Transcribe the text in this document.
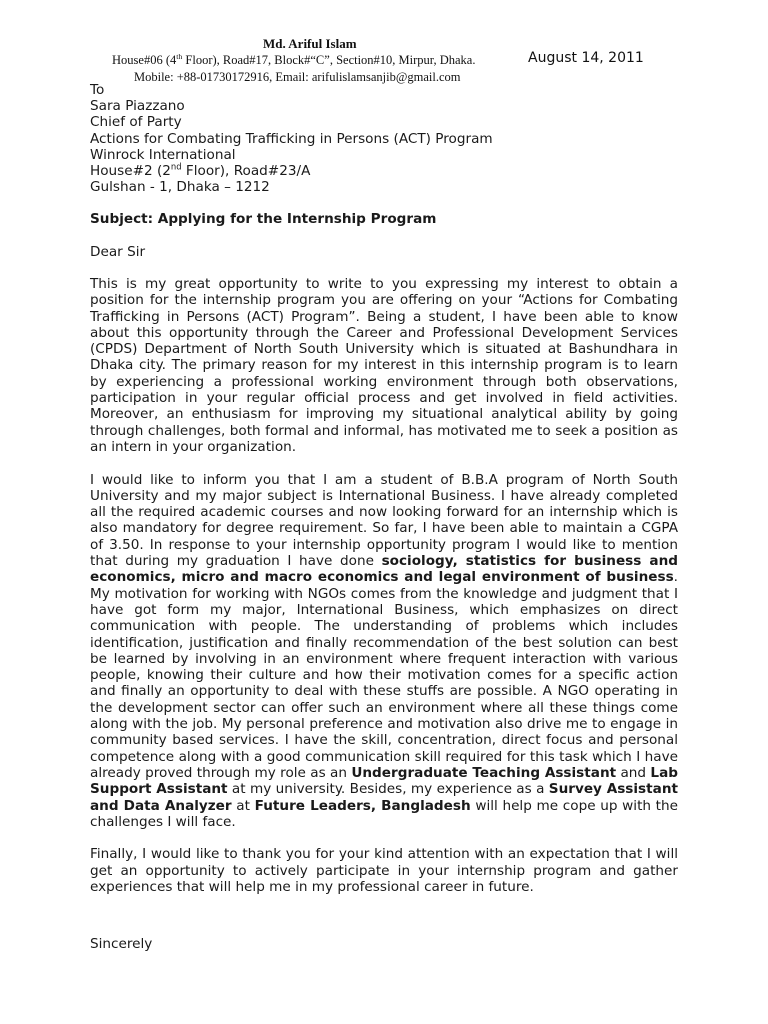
Md. Ariful Islam
House#06 (4th Floor), Road#17, Block#“C”, Section#10, Mirpur, Dhaka.	August 14, 2011
Mobile: +88-01730172916, Email: arifulislamsanjib@gmail.com
To
Sara Piazzano
Chief of Party
Actions for Combating Trafficking in Persons (ACT) Program
Winrock International
House#2 (2nd Floor), Road#23/A
Gulshan - 1, Dhaka – 1212
Subject: Applying for the Internship Program
Dear Sir

This is my great opportunity to write to you expressing my interest to obtain a position for the internship program you are offering on your “Actions for Combating Trafficking in Persons (ACT) Program”. Being a student, I have been able to know about this opportunity through the Career and Professional Development Services (CPDS) Department of North South University which is situated at Bashundhara in Dhaka city. The primary reason for my interest in this internship program is to learn by experiencing a professional working environment through both observations, participation in your regular official process and get involved in field activities. Moreover, an enthusiasm for improving my situational analytical ability by going through challenges, both formal and informal, has motivated me to seek a position as an intern in your organization.

I would like to inform you that I am a student of B.B.A program of North South University and my major subject is International Business. I have already completed all the required academic courses and now looking forward for an internship which is also mandatory for degree requirement. So far, I have been able to maintain a CGPA of 3.50. In response to your internship opportunity program I would like to mention that during my graduation I have done sociology, statistics for business and economics, micro and macro economics and legal environment of business. My motivation for working with NGOs comes from the knowledge and judgment that I have got form my major, International Business, which emphasizes on direct communication with people. The understanding of problems which includes identification, justification and finally recommendation of the best solution can best be learned by involving in an environment where frequent interaction with various people, knowing their culture and how their motivation comes for a specific action and finally an opportunity to deal with these stuffs are possible. A NGO operating in the development sector can offer such an environment where all these things come along with the job. My personal preference and motivation also drive me to engage in community based services. I have the skill, concentration, direct focus and personal competence along with a good communication skill required for this task which I have already proved through my role as an Undergraduate Teaching Assistant and Lab Support Assistant at my university. Besides, my experience as a Survey Assistant and Data Analyzer at Future Leaders, Bangladesh will help me cope up with the challenges I will face.

Finally, I would like to thank you for your kind attention with an expectation that I will get an opportunity to actively participate in your internship program and gather experiences that will help me in my professional career in future.

Sincerely
